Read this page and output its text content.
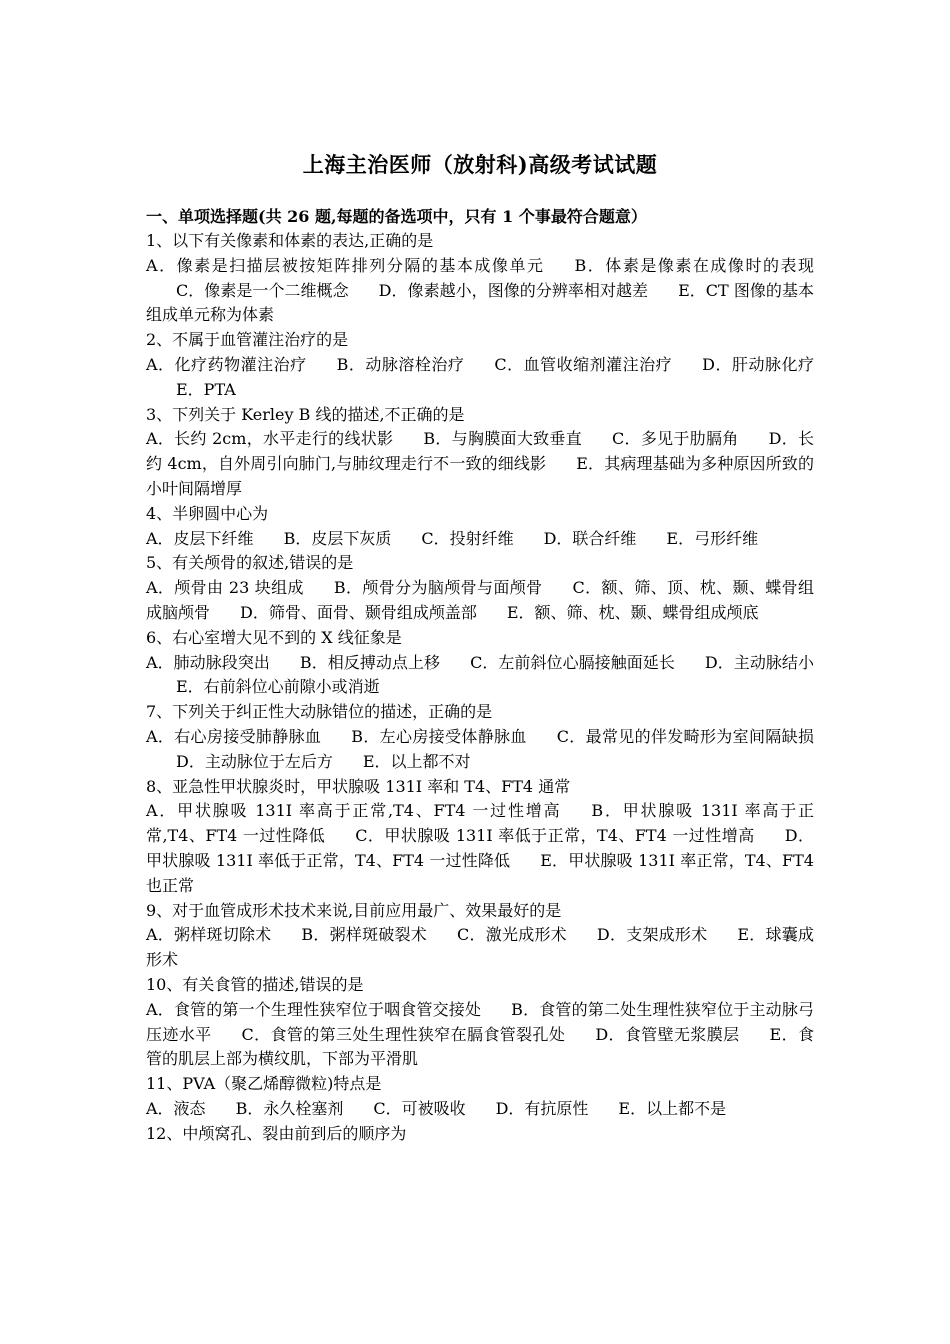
上海主治医师（放射科)高级考试试题

一、单项选择题(共 26 题,每题的备选项中，只有 1 个事最符合题意）

1、以下有关像素和体素的表达,正确的是

A．像素是扫描层被按矩阵排列分隔的基本成像单元 B．体素是像素在成像时的表现C．像素是一个二维概念 D．像素越小，图像的分辨率相对越差 E．CT 图像的基本组成单元称为体素

2、不属于血管灌注治疗的是

A．化疗药物灌注治疗 B．动脉溶栓治疗 C．血管收缩剂灌注治疗 D．肝动脉化疗E．PTA

3、下列关于 Kerley B 线的描述,不正确的是

A．长约 2cm，水平走行的线状影 B．与胸膜面大致垂直 C．多见于肋膈角 D．长约 4cm，自外周引向肺门,与肺纹理走行不一致的细线影 E．其病理基础为多种原因所致的小叶间隔增厚

4、半卵圆中心为

A．皮层下纤维 B．皮层下灰质 C．投射纤维 D．联合纤维 E．弓形纤维

5、有关颅骨的叙述,错误的是

A．颅骨由 23 块组成 B．颅骨分为脑颅骨与面颅骨 C．额、筛、顶、枕、颞、蝶骨组成脑颅骨 D．筛骨、面骨、颞骨组成颅盖部 E．额、筛、枕、颞、蝶骨组成颅底

6、右心室增大见不到的 X 线征象是

A．肺动脉段突出 B．相反搏动点上移 C．左前斜位心膈接触面延长 D．主动脉结小E．右前斜位心前隙小或消逝

7、下列关于纠正性大动脉错位的描述，正确的是

A．右心房接受肺静脉血 B．左心房接受体静脉血 C．最常见的伴发畸形为室间隔缺损D．主动脉位于左后方 E．以上都不对

8、亚急性甲状腺炎时，甲状腺吸 131I 率和 T4、FT4 通常

A．甲状腺吸 131I 率高于正常,T4、FT4 一过性增高 B．甲状腺吸 131I 率高于正常,T4、FT4 一过性降低 C．甲状腺吸 131I 率低于正常，T4、FT4 一过性增高 D．甲状腺吸 131I 率低于正常，T4、FT4 一过性降低 E．甲状腺吸 131I 率正常，T4、FT4 也正常

9、对于血管成形术技术来说,目前应用最广、效果最好的是

A．粥样斑切除术 B．粥样斑破裂术 C．激光成形术 D．支架成形术 E．球囊成形术

10、有关食管的描述,错误的是

A．食管的第一个生理性狭窄位于咽食管交接处 B．食管的第二处生理性狭窄位于主动脉弓压迹水平 C．食管的第三处生理性狭窄在膈食管裂孔处 D．食管壁无浆膜层 E．食管的肌层上部为横纹肌，下部为平滑肌

11、PVA（聚乙烯醇微粒)特点是

A．液态 B．永久栓塞剂 C．可被吸收 D．有抗原性 E．以上都不是

12、中颅窝孔、裂由前到后的顺序为
